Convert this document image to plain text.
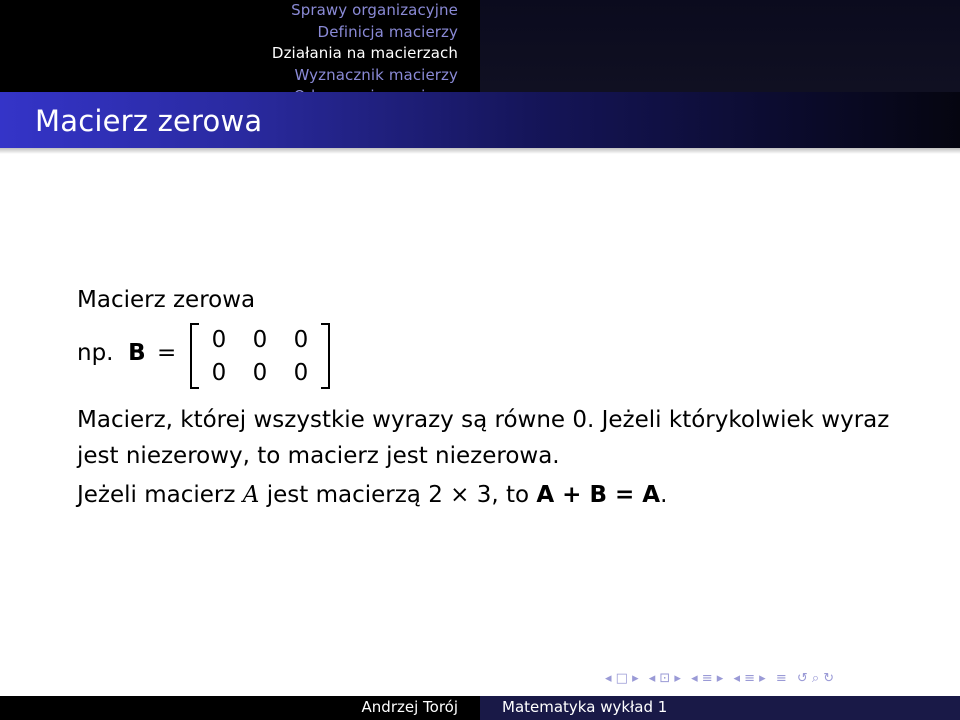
Sprawy organizacyjne
Definicja macierzy
Działania na macierzach
Wyznacznik macierzy
Macierz zerowa
Macierz zerowa
np. B = 0 0 0
0 0 0
Macierz, której wszystkie wyrazy są równe 0. Jeżeli którykolwiek wyraz jest niezerowy, to macierz jest niezerowa.
Jeżeli macierz A jest macierzą 2 × 3, to A + B = A.
◂ □ ▸ ◂ ⊡ ▸ ◂ ≡ ▸ ◂ ≡ ▸ ≡ ↺ ⌕ ↻
Andrzej Torój	Matematyka wykład 1
